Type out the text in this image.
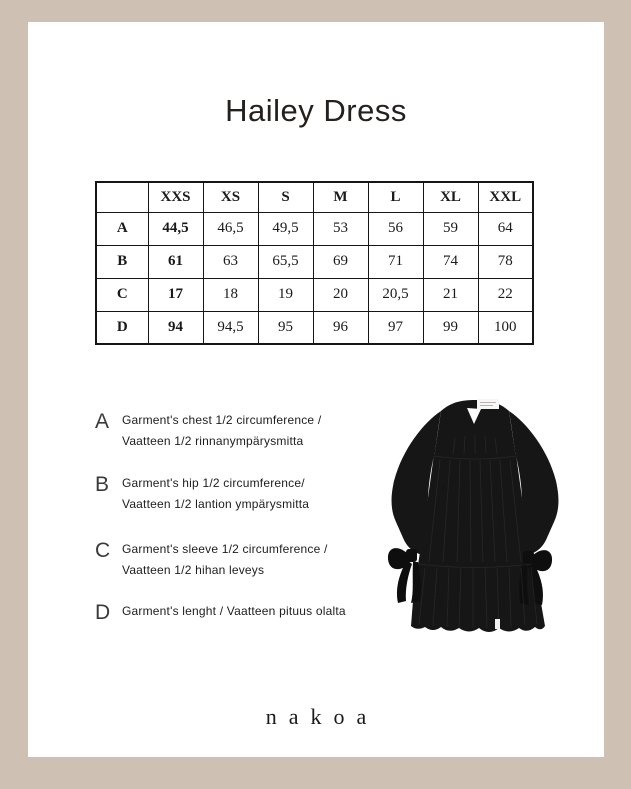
Hailey Dress
	XXS	XS	S	M	L	XL	XXL
A	44,5	46,5	49,5	53	56	59	64
B	61	63	65,5	69	71	74	78
C	17	18	19	20	20,5	21	22
D	94	94,5	95	96	97	99	100
A	Garment's chest 1/2 circumference /
Vaatteen 1/2 rinnanympärysmitta
B	Garment's hip 1/2 circumference/
Vaatteen 1/2 lantion ympärysmitta
C Garment's sleeve 1/2 circumference /
Vaatteen 1/2 hihan leveys
D Garment's lenght / Vaatteen pituus olalta
nakoa
